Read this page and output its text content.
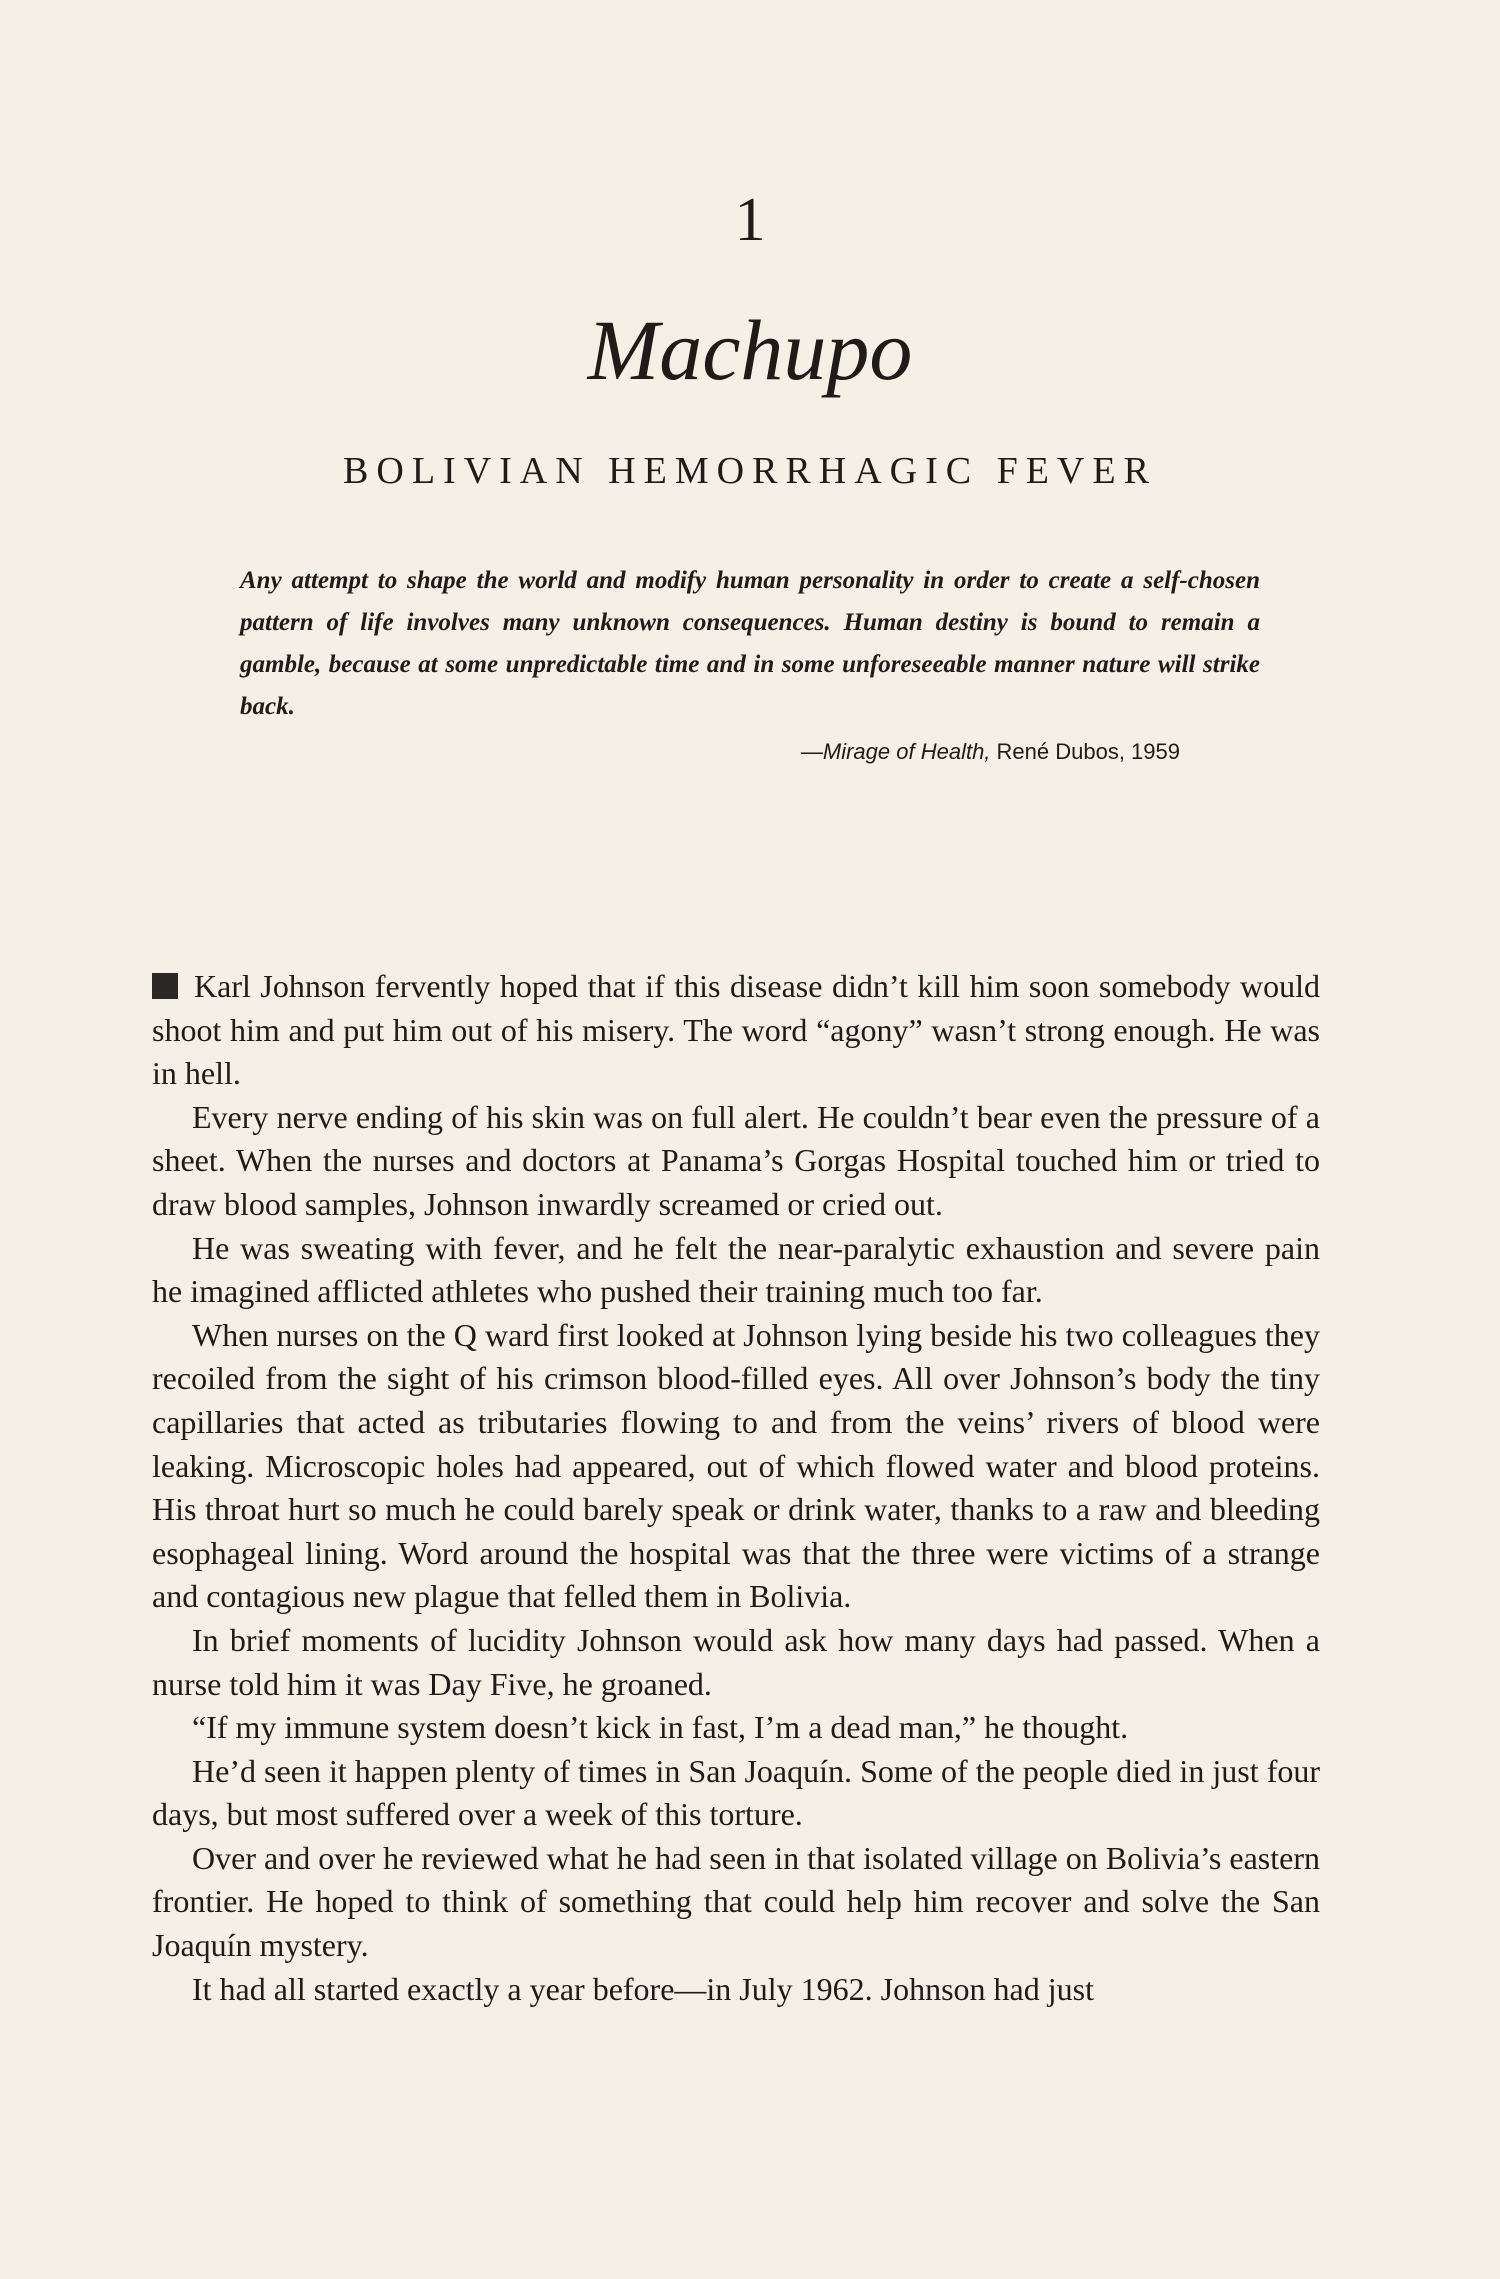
1
Machupo
BOLIVIAN HEMORRHAGIC FEVER

Any attempt to shape the world and modify human personality in order to create a self-chosen pattern of life involves many unknown consequences. Human destiny is bound to remain a gamble, because at some unpredictable time and in some unforeseeable manner nature will strike back.

—Mirage of Health, René Dubos, 1959

Karl Johnson fervently hoped that if this disease didn’t kill him soon somebody would shoot him and put him out of his misery. The word “agony” wasn’t strong enough. He was in hell.

Every nerve ending of his skin was on full alert. He couldn’t bear even the pressure of a sheet. When the nurses and doctors at Panama’s Gorgas Hospital touched him or tried to draw blood samples, Johnson inwardly screamed or cried out.

He was sweating with fever, and he felt the near-paralytic exhaustion and severe pain he imagined afflicted athletes who pushed their training much too far.

When nurses on the Q ward first looked at Johnson lying beside his two colleagues they recoiled from the sight of his crimson blood-filled eyes. All over Johnson’s body the tiny capillaries that acted as tributaries flowing to and from the veins’ rivers of blood were leaking. Microscopic holes had appeared, out of which flowed water and blood proteins. His throat hurt so much he could barely speak or drink water, thanks to a raw and bleeding esophageal lining. Word around the hospital was that the three were victims of a strange and contagious new plague that felled them in Bolivia.

In brief moments of lucidity Johnson would ask how many days had passed. When a nurse told him it was Day Five, he groaned.

“If my immune system doesn’t kick in fast, I’m a dead man,” he thought.

He’d seen it happen plenty of times in San Joaquín. Some of the people died in just four days, but most suffered over a week of this torture.

Over and over he reviewed what he had seen in that isolated village on Bolivia’s eastern frontier. He hoped to think of something that could help him recover and solve the San Joaquín mystery.

It had all started exactly a year before—in July 1962. Johnson had just
